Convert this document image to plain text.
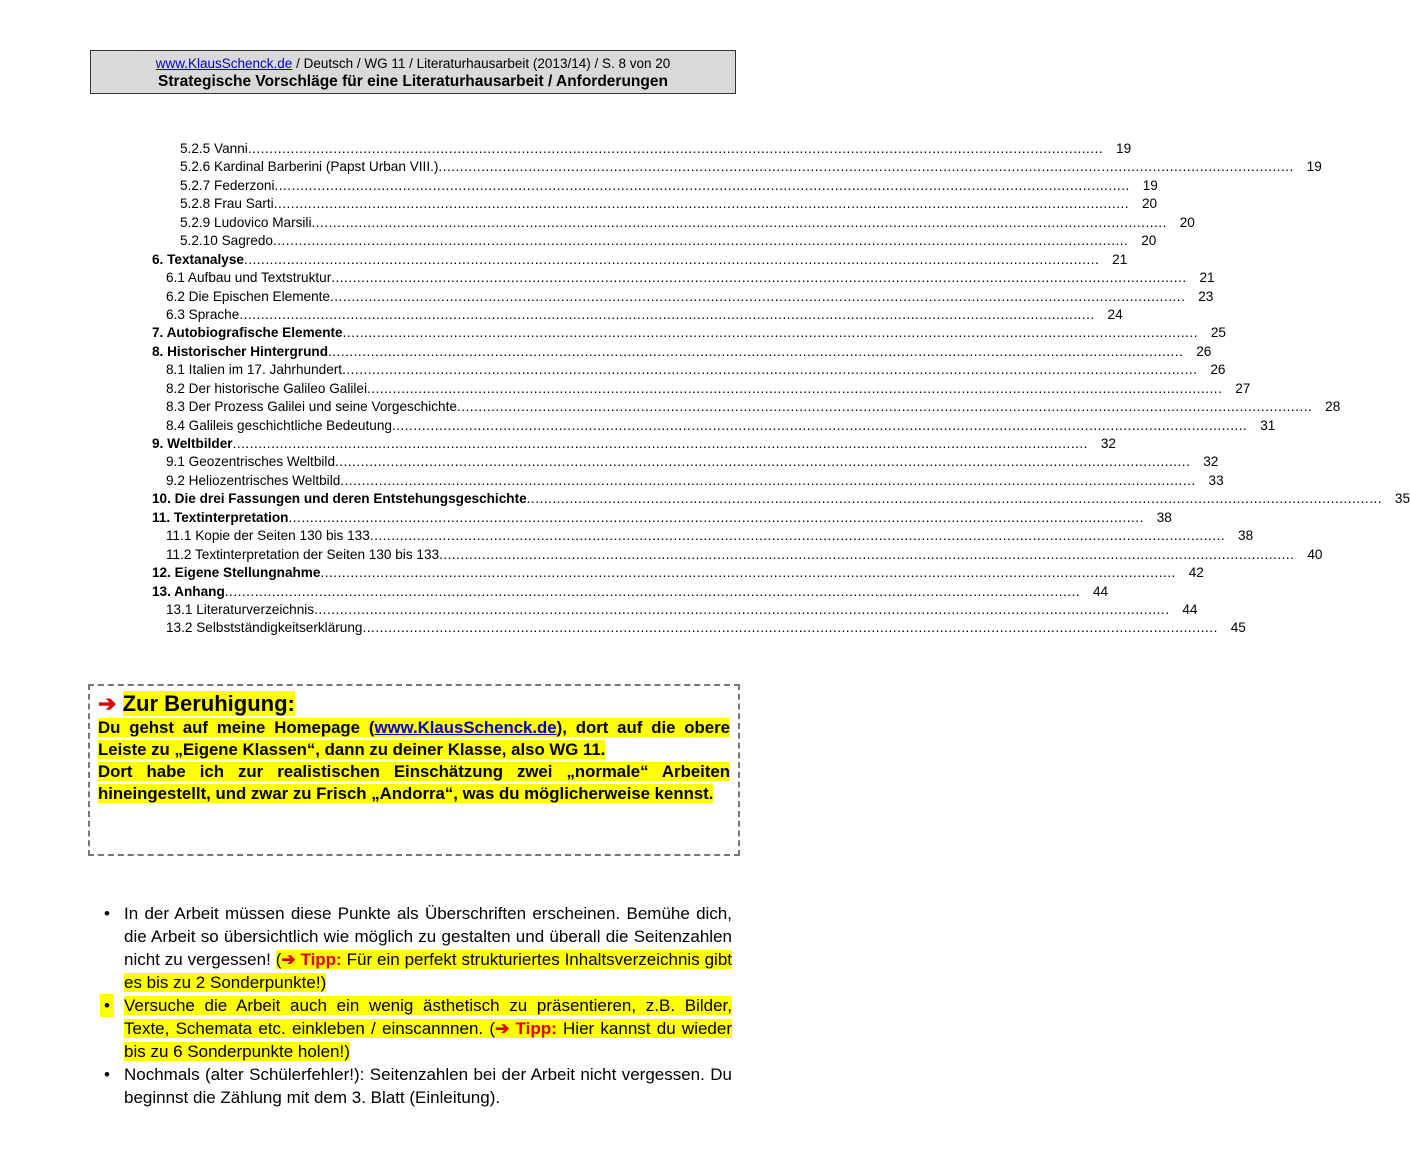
www.KlausSchenck.de / Deutsch / WG 11 / Literaturhausarbeit (2013/14) / S. 8 von 20
Strategische Vorschläge für eine Literaturhausarbeit / Anforderungen
5.2.5 Vanni ........................................................................................................................................................................................................ 19
5.2.6 Kardinal Barberini (Papst Urban VIII.) ........................................................................................................................................................................................................ 19
5.2.7 Federzoni ........................................................................................................................................................................................................ 19
5.2.8 Frau Sarti ........................................................................................................................................................................................................ 20
5.2.9 Ludovico Marsili ........................................................................................................................................................................................................ 20
5.2.10 Sagredo ........................................................................................................................................................................................................ 20
6. Textanalyse ........................................................................................................................................................................................................ 21
6.1 Aufbau und Textstruktur ........................................................................................................................................................................................................ 21
6.2 Die Epischen Elemente ........................................................................................................................................................................................................ 23
6.3 Sprache ........................................................................................................................................................................................................ 24
7. Autobiografische Elemente ........................................................................................................................................................................................................ 25
8. Historischer Hintergrund ........................................................................................................................................................................................................ 26
8.1 Italien im 17. Jahrhundert ........................................................................................................................................................................................................ 26
8.2 Der historische Galileo Galilei ........................................................................................................................................................................................................ 27
8.3 Der Prozess Galilei und seine Vorgeschichte ........................................................................................................................................................................................................ 28
8.4 Galileis geschichtliche Bedeutung ........................................................................................................................................................................................................ 31
9. Weltbilder ........................................................................................................................................................................................................ 32
9.1 Geozentrisches Weltbild ........................................................................................................................................................................................................ 32
9.2 Heliozentrisches Weltbild ........................................................................................................................................................................................................ 33
10. Die drei Fassungen und deren Entstehungsgeschichte ........................................................................................................................................................................................................ 35
11. Textinterpretation ........................................................................................................................................................................................................ 38
11.1 Kopie der Seiten 130 bis 133 ........................................................................................................................................................................................................ 38
11.2 Textinterpretation der Seiten 130 bis 133 ........................................................................................................................................................................................................ 40
12. Eigene Stellungnahme ........................................................................................................................................................................................................ 42
13. Anhang ........................................................................................................................................................................................................ 44
13.1 Literaturverzeichnis ........................................................................................................................................................................................................ 44
13.2 Selbstständigkeitserklärung ........................................................................................................................................................................................................ 45
➔ Zur Beruhigung:
Du gehst auf meine Homepage (www.KlausSchenck.de), dort auf die obere Leiste zu „Eigene Klassen“, dann zu deiner Klasse, also WG 11.
Dort habe ich zur realistischen Einschätzung zwei „normale“ Arbeiten hineingestellt, und zwar zu Frisch „Andorra“, was du möglicherweise kennst.
• In der Arbeit müssen diese Punkte als Überschriften erscheinen. Bemühe dich, die Arbeit so übersichtlich wie möglich zu gestalten und überall die Seitenzahlen nicht zu vergessen! (➔ Tipp: Für ein perfekt strukturiertes Inhaltsverzeichnis gibt es bis zu 2 Sonderpunkte!)
• Versuche die Arbeit auch ein wenig ästhetisch zu präsentieren, z.B. Bilder, Texte, Schemata etc. einkleben / einscannnen. (➔ Tipp: Hier kannst du wieder bis zu 6 Sonderpunkte holen!)
• Nochmals (alter Schülerfehler!): Seitenzahlen bei der Arbeit nicht vergessen. Du beginnst die Zählung mit dem 3. Blatt (Einleitung).
